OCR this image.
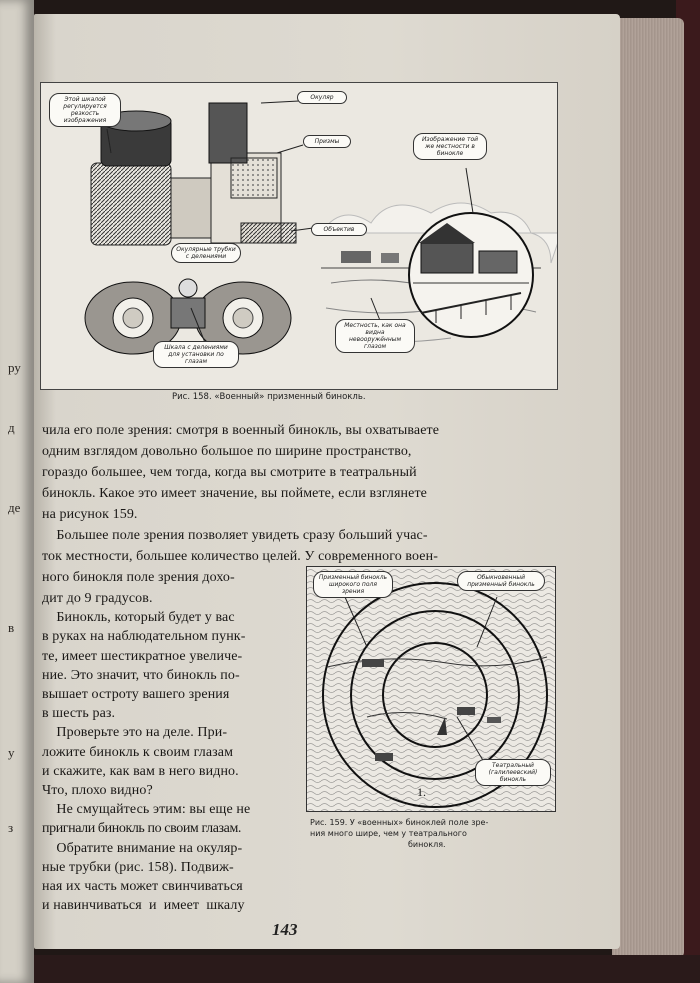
ру
д
де
в
у
з
Этой шкалой регулируется резкость изображения
Окуляр
Изображение той же местности в бинокле
Призмы
Объектив
Окулярные трубки с делениями
Шкала с делениями для установки по глазам
Местность, как она видна невооружённым глазом
Рис. 158. «Военный» призменный бинокль.
чила его поле зрения: смотря в военный бинокль, вы охватываете
одним взглядом довольно большое по ширине пространство,
гораздо большее, чем тогда, когда вы смотрите в театральный
бинокль. Какое это имеет значение, вы поймете, если взглянете
на рисунок 159.
Большее поле зрения позволяет увидеть сразу больший учас-
ток местности, большее количество целей. У современного воен-
ного бинокля поле зрения дохо-
дит до 9 градусов.
Бинокль, который будет у вас
в руках на наблюдательном пунк-
те, имеет шестикратное увеличе-
ние. Это значит, что бинокль по-
вышает остроту вашего зрения
в шесть раз.
Проверьте это на деле. При-
ложите бинокль к своим глазам
и скажите, как вам в него видно.
Что, плохо видно?
Не смущайтесь этим: вы еще не
Призменный бинокль широкого поля зрения
Обыкновенный призменный бинокль
Театральный (галилеевский) бинокль
1.
Рис. 159. У «военных» биноклей поле зре-
ния много шире, чем у театрального
бинокля.
143
пригнали бинокль по своим глазам.
Обратите внимание на окуляр-
ные трубки (рис. 158). Подвиж-
ная их часть может свинчиваться
и навинчиваться  и  имеет  шкалу
